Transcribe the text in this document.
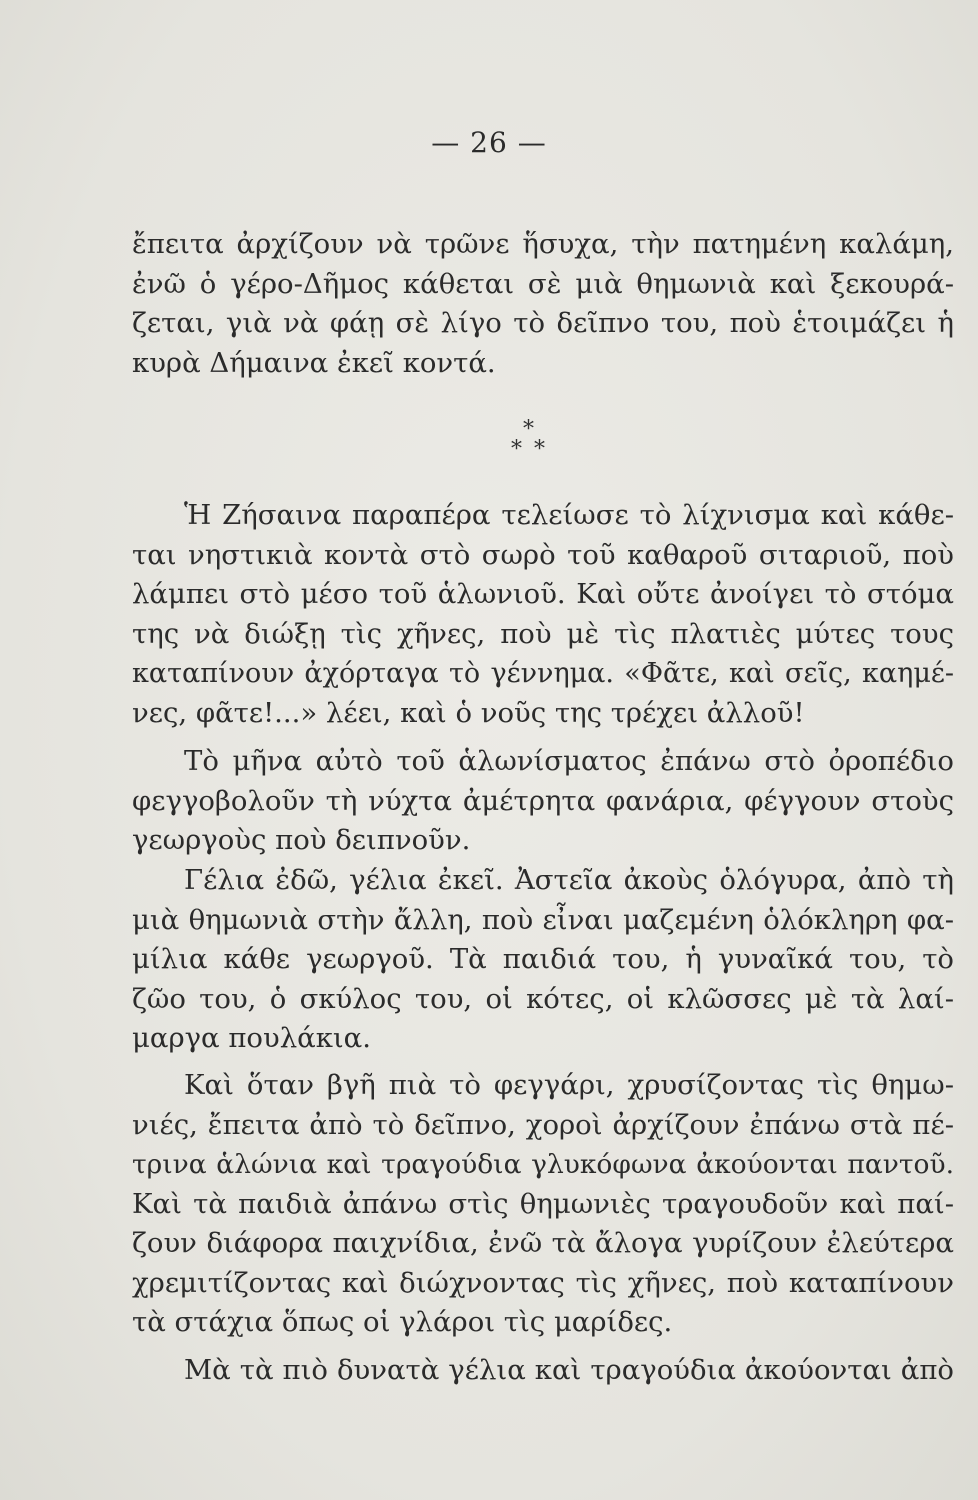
— 26 —
ἔπειτα ἀρχίζουν νὰ τρῶνε ἥσυχα, τὴν πατημένη καλάμη,
ἐνῶ ὁ γέρο-Δῆμος κάθεται σὲ μιὰ θημωνιὰ καὶ ξεκουρά-
ζεται, γιὰ νὰ φάῃ σὲ λίγο τὸ δεῖπνο του, ποὺ ἑτοιμάζει ἡ
κυρὰ Δήμαινα ἐκεῖ κοντά.
*
* *
Ἡ Ζήσαινα παραπέρα τελείωσε τὸ λίχνισμα καὶ κάθε-
ται νηστικιὰ κοντὰ στὸ σωρὸ τοῦ καθαροῦ σιταριοῦ, ποὺ
λάμπει στὸ μέσο τοῦ ἁλωνιοῦ. Καὶ οὔτε ἀνοίγει τὸ στόμα
της νὰ διώξῃ τὶς χῆνες, ποὺ μὲ τὶς πλατιὲς μύτες τους
καταπίνουν ἀχόρταγα τὸ γέννημα. «Φᾶτε, καὶ σεῖς, καημέ-
νες, φᾶτε!...» λέει, καὶ ὁ νοῦς της τρέχει ἀλλοῦ!
Τὸ μῆνα αὐτὸ τοῦ ἁλωνίσματος ἐπάνω στὸ ὀροπέδιο
φεγγοβολοῦν τὴ νύχτα ἀμέτρητα φανάρια, φέγγουν στοὺς
γεωργοὺς ποὺ δειπνοῦν.
Γέλια ἐδῶ, γέλια ἐκεῖ. Ἀστεῖα ἀκοὺς ὁλόγυρα, ἀπὸ τὴ
μιὰ θημωνιὰ στὴν ἄλλη, ποὺ εἶναι μαζεμένη ὁλόκληρη φα-
μίλια κάθε γεωργοῦ. Τὰ παιδιά του, ἡ γυναῖκά του, τὸ
ζῶο του, ὁ σκύλος του, οἱ κότες, οἱ κλῶσσες μὲ τὰ λαί-
μαργα πουλάκια.
Καὶ ὅταν βγῆ πιὰ τὸ φεγγάρι, χρυσίζοντας τὶς θημω-
νιές, ἔπειτα ἀπὸ τὸ δεῖπνο, χοροὶ ἀρχίζουν ἐπάνω στὰ πέ-
τρινα ἁλώνια καὶ τραγούδια γλυκόφωνα ἀκούονται παντοῦ.
Καὶ τὰ παιδιὰ ἀπάνω στὶς θημωνιὲς τραγουδοῦν καὶ παί-
ζουν διάφορα παιχνίδια, ἐνῶ τὰ ἄλογα γυρίζουν ἐλεύτερα
χρεμιτίζοντας καὶ διώχνοντας τὶς χῆνες, ποὺ καταπίνουν
τὰ στάχια ὅπως οἱ γλάροι τὶς μαρίδες.
Μὰ τὰ πιὸ δυνατὰ γέλια καὶ τραγούδια ἀκούονται ἀπὸ
